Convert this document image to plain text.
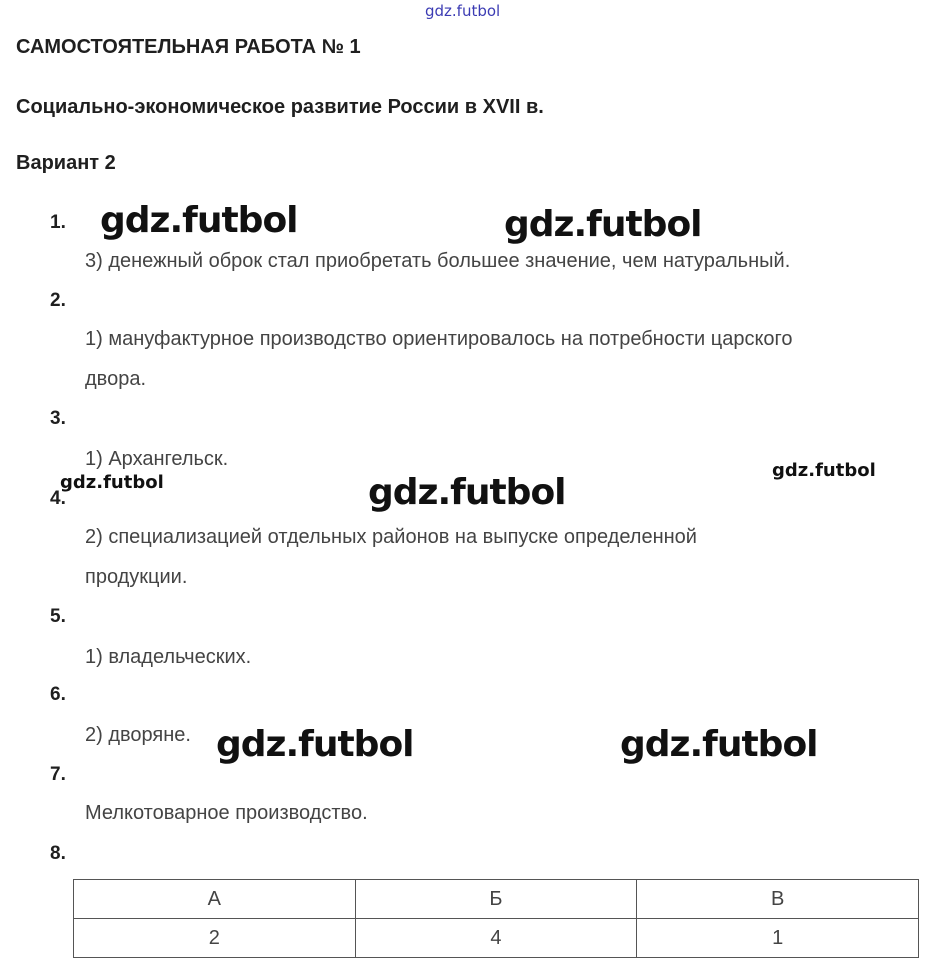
gdz.futbol
САМОСТОЯТЕЛЬНАЯ РАБОТА № 1
Социально-экономическое развитие России в XVII в.
Вариант 2
1.
3) денежный оброк стал приобретать большее значение, чем натуральный.
2.
1) мануфактурное производство ориентировалось на потребности царского
двора.
3.
1) Архангельск.
4.
2) специализацией отдельных районов на выпуске определенной
продукции.
5.
1) владельческих.
6.
2) дворяне.
7.
Мелкотоварное производство.
8.
А	Б	В
2	4	1
gdz.futbol	gdz.futbol
gdz.futbol
gdz.futbol	gdz.futbol
gdz.futbol	gdz.futbol
